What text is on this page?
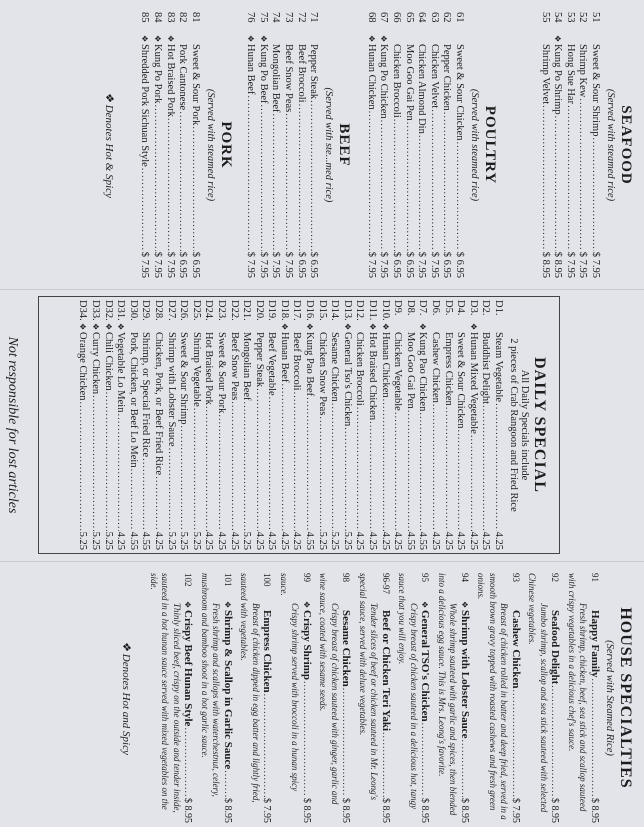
SEAFOOD

(Served with steamed rice)

51
Sweet & Sour Shrimp
.....
$ 7.95
52
Shrimp Kew
.....
$ 7.95
53
Hong Sue Har
.....
$ 7.95
54
❖
Kung Po Shrimp
.....
$ 8.95
55
Shrimp Velvet
.....
$ 8.95

POULTRY

(Served with steamed rice)

61
Sweet & Sour Chicken
.....
$ 6.95
62
Pepper Chicken
.....
$ 6.95
63
Chicken Velvet
.....
$ 7.95
64
Chicken Almond Din
.....
$ 7.95
65
Moo Goo Gai Pen
.....
$ 6.95
66
Chicken Broccoli
.....
$ 6.95
67
❖
Kung Po Chicken
.....
$ 7.95
68
❖
Hunan Chicken
.....
$ 7.95

BEEF

(Served with ste...med rice)

71
Pepper Steak
.....
$ 6.95
72
Beef Broccoli
.....
$ 6.95
73
Beef Snow Peas
.....
$ 7.95
74
Mongolian Beef
.....
$ 7.95
75
❖
Kung Po Beef
.....
$ 7.95
76
❖
Hunan Beef
.....
$ 7.95

PORK

(Served with steamed rice)

81
Sweet & Sour Pork
.....
$ 6.95
82
Pork Cantonese
.....
$ 6.95
83
❖
Hot Braised Pork
.....
$ 7.95
84
❖
Kung Po Pork
.....
$ 7.95
85
❖
Shredded Pork Sichuan Style
.....
$ 7.95

❖ Denotes Hot & Spicy

DAILY SPECIAL

All Daily Specials include

2 pieces of Crab Rangoon and Fried Rice

D1.
Steam Vegetable
.....
4.25
D2.
Buddhist Delight
.....
4.25
D3.
❖
Hunan Mixed Vegetable
.....
4.25
D4.
Sweet & Sour Chicken
.....
4.25
D5.
Empress Chicken
.....
4.25
D6.
Cashew Chicken
.....
4.25
D7.
❖
Kung Pao Chicken
.....
4.55
D8.
Moo Goo Gai Pen
.....
4.55
D9.
Chicken Vegetable
.....
4.25
D10.
❖
Hunan Chicken
.....
4.25
D11.
❖
Hot Braised Chicken
.....
4.25
D12.
Chicken Broccoli
.....
4.25
D13.
❖
General Tso's Chicken
.....
5.25
D14.
Sesame Chicken
.....
5.25
D15.
Chicken Snow Peas
.....
5.25
D16.
❖
Kung Pao Beef
.....
4.55
D17.
Beef Broccoli
.....
4.25
D18.
❖
Hunan Beef
.....
4.25
D19.
Beef Vegetable
.....
4.25
D20.
Pepper Steak
.....
4.25
D21.
Mongolian Beef
.....
5.25
D22.
Beef Snow Peas
.....
4.25
D23.
Sweet & Sour Pork
.....
4.25
D24.
Hot Braised Pork
.....
4.25
D25.
Shrimp Vegetable
.....
5.25
D26.
Sweet & Sour Shrimp
.....
5.25
D27.
Shrimp with Lobster Sauce
.....
5.25
D28.
Chicken, Pork, or Beef Fried Rice
.....
4.25
D29.
Shrimp, or Special Fried Rice
.....
4.55
D30.
Pork, Chicken, or Beef Lo Mein
.....
4.55
D31.
❖
Vegetable Lo Mein
.....
4.25
D32.
❖
Chili Chicken
.....
5.25
D33.
❖
Curry Chicken
.....
5.25
D34.
❖
Orange Chicken
.....
5.25

Not responsible for lost articles

HOUSE SPECIALTIES

(Served with Steamed Rice)

91
Happy Family
.....
$ 8.95
Fresh shrimp, chicken, beef, sea stick and scallop sauteed with crispy vegetables in a delicious chef's sauce.
92
Seafood Delight
.....
$ 8.95
Jumbo shrimp, scallop and sea stick sauteed with selected Chinese vegetables.
93
Cashew Chicken
.....
$ 7.95
Breast of chicken rolled in batter and deep fried, served in a smooth brown gravy topped with roasted cashews and fresh green onions.
94
❖
Shrimp with Lobster Sauce
.....
$ 8.95
Whole shrimp sauteed with garlic and spices, then blended into a delicious egg sauce. This is Mrs. Leong's favorite.
95
❖
General TSO's Chicken
.....
$ 8.95
Crispy breast of chicken sauteed in a delicious hot, tangy sauce that you will enjoy.
96-97
Beef or Chicken Teri Yaki
.....
$ 8.95
Tender slices of beef or chicken sauteed in Mr. Leong's special sauce, served with deluxe vegetables.
98
Sesame Chicken
.....
$ 8.95
Crispy breast of chicken sauteed with ginger, garlic and wine sauce, coated with sesame seeds.
99
❖
Crispy Shrimp
.....
$ 8.95
Crispy shrimp served with broccoli in a hunan spicy sauce.
100
Empress Chicken
.....
$ 7.95
Breast of chicken dipped in egg batter and lightly fried, sauteed with vegetables.
101
❖
Shrimp & Scallop in Garlic Sauce
.....
$ 8.95
Fresh shrimp and scallops with waterchestnut, celery, mushroom and bamboo shoot in a hot garlic sauce.
102
❖
Crispy Beef Hunan Style
.....
$ 8.95
Thinly sliced beef, crispy on the outside and tender inside, sauteed in a hot hunan sauce served with mixed vegetables on the side.

❖ Denotes Hot and Spicy
